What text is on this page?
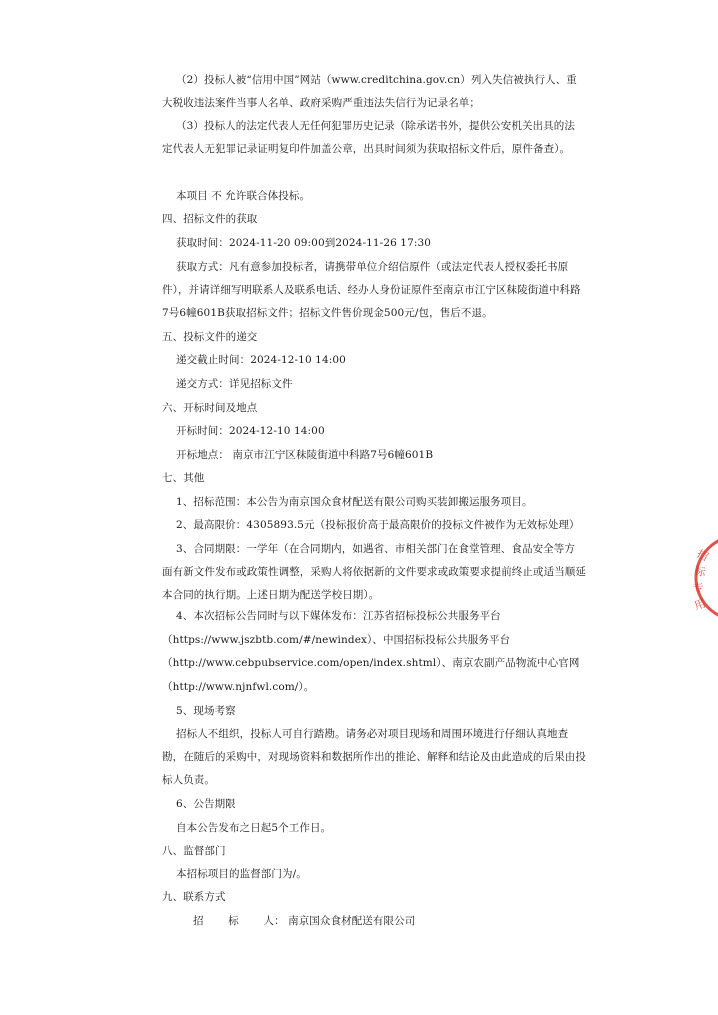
（2）投标人被“信用中国”网站（www.creditchina.gov.cn）列入失信被执行人、重
大税收违法案件当事人名单、政府采购严重违法失信行为记录名单；
（3）投标人的法定代表人无任何犯罪历史记录（除承诺书外，提供公安机关出具的法
定代表人无犯罪记录证明复印件加盖公章，出具时间须为获取招标文件后，原件备查）。
本项目 不 允许联合体投标。
四、招标文件的获取
获取时间：2024-11-20 09:00到2024-11-26 17:30
获取方式：凡有意参加投标者，请携带单位介绍信原件（或法定代表人授权委托书原
件），并请详细写明联系人及联系电话、经办人身份证原件至南京市江宁区秣陵街道中科路
7号6幢601B获取招标文件；招标文件售价现金500元/包，售后不退。
五、投标文件的递交
递交截止时间：2024-12-10 14:00
递交方式：详见招标文件
六、开标时间及地点
开标时间：2024-12-10 14:00
开标地点： 南京市江宁区秣陵街道中科路7号6幢601B
七、其他
1、招标范围：本公告为南京国众食材配送有限公司购买装卸搬运服务项目。
2、最高限价：4305893.5元（投标报价高于最高限价的投标文件被作为无效标处理）
3、合同期限：一学年（在合同期内，如遇省、市相关部门在食堂管理、食品安全等方
面有新文件发布或政策性调整，采购人将依据新的文件要求或政策要求提前终止或适当顺延
本合同的执行期。上述日期为配送学校日期）。
4、本次招标公告同时与以下媒体发布：江苏省招标投标公共服务平台
（https://www.jszbtb.com/#/newindex）、中国招标投标公共服务平台
（http://www.cebpubservice.com/open/index.shtml）、南京农副产品物流中心官网
（http://www.njnfwl.com/）。
5、现场考察
招标人不组织，投标人可自行踏勘。请务必对项目现场和周围环境进行仔细认真地查
勘，在随后的采购中，对现场资料和数据所作出的推论、解释和结论及由此造成的后果由投
标人负责。
6、公告期限
自本公告发布之日起5个工作日。
八、监督部门
本招标项目的监督部门为/。
九、联系方式
招　　 标　　 人： 南京国众食材配送有限公司
招
标
专
用
